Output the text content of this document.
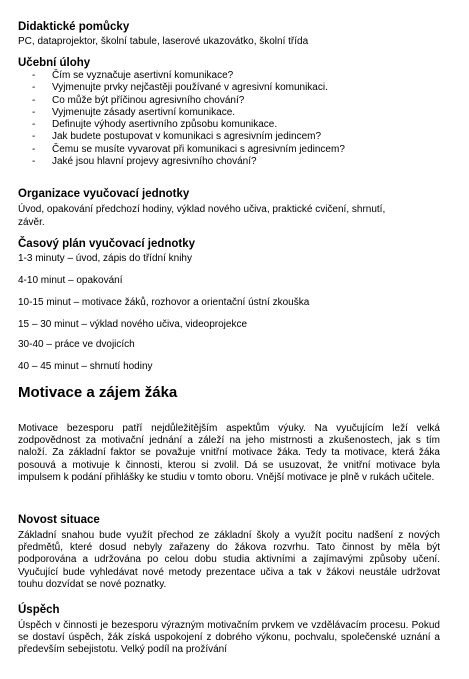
Didaktické pomůcky
PC, dataprojektor, školní tabule, laserové ukazovátko, školní třída
Učební úlohy
- Čím se vyznačuje asertivní komunikace?
- Vyjmenujte prvky nejčastěji používané v agresivní komunikaci.
- Co může být příčinou agresivního chování?
- Vyjmenujte zásady asertivní komunikace.
- Definujte výhody asertivního způsobu komunikace.
- Jak budete postupovat v komunikaci s agresivním jedincem?
- Čemu se musíte vyvarovat při komunikaci s agresivním jedincem?
- Jaké jsou hlavní projevy agresivního chování?
Organizace vyučovací jednotky
Úvod, opakování předchozí hodiny, výklad nového učiva, praktické cvičení, shrnutí,
závěr.
Časový plán vyučovací jednotky
1-3 minuty – úvod, zápis do třídní knihy
4-10 minut – opakování
10-15 minut – motivace žáků, rozhovor a orientační ústní zkouška
15 – 30 minut – výklad nového učiva, videoprojekce
30-40 – práce ve dvojicích
40 – 45 minut – shrnutí hodiny
Motivace a zájem žáka
Motivace bezesporu patří nejdůležitějším aspektům výuky. Na vyučujícím leží velká zodpovědnost za motivační jednání a záleží na jeho mistrnosti a zkušenostech, jak s tím naloží. Za základní faktor se považuje vnitřní motivace žáka. Tedy ta motivace, která žáka posouvá a motivuje k činnosti, kterou si zvolil. Dá se usuzovat, že vnitřní motivace byla impulsem k podání přihlášky ke studiu v tomto oboru. Vnější motivace je plně v rukách učitele.
Novost situace
Základní snahou bude využít přechod ze základní školy a využít pocitu nadšení z nových předmětů, které dosud nebyly zařazeny do žákova rozvrhu. Tato činnost by měla být podporována a udržována po celou dobu studia aktivními a zajímavými způsoby učení. Vyučující bude vyhledávat nové metody prezentace učiva a tak v žákovi neustále udržovat touhu dozvídat se nové poznatky.
Úspěch
Úspěch v činnosti je bezesporu výrazným motivačním prvkem ve vzdělávacím procesu. Pokud se dostaví úspěch, žák získá uspokojení z dobrého výkonu, pochvalu, společenské uznání a především sebejistotu. Velký podíl na prožívání
